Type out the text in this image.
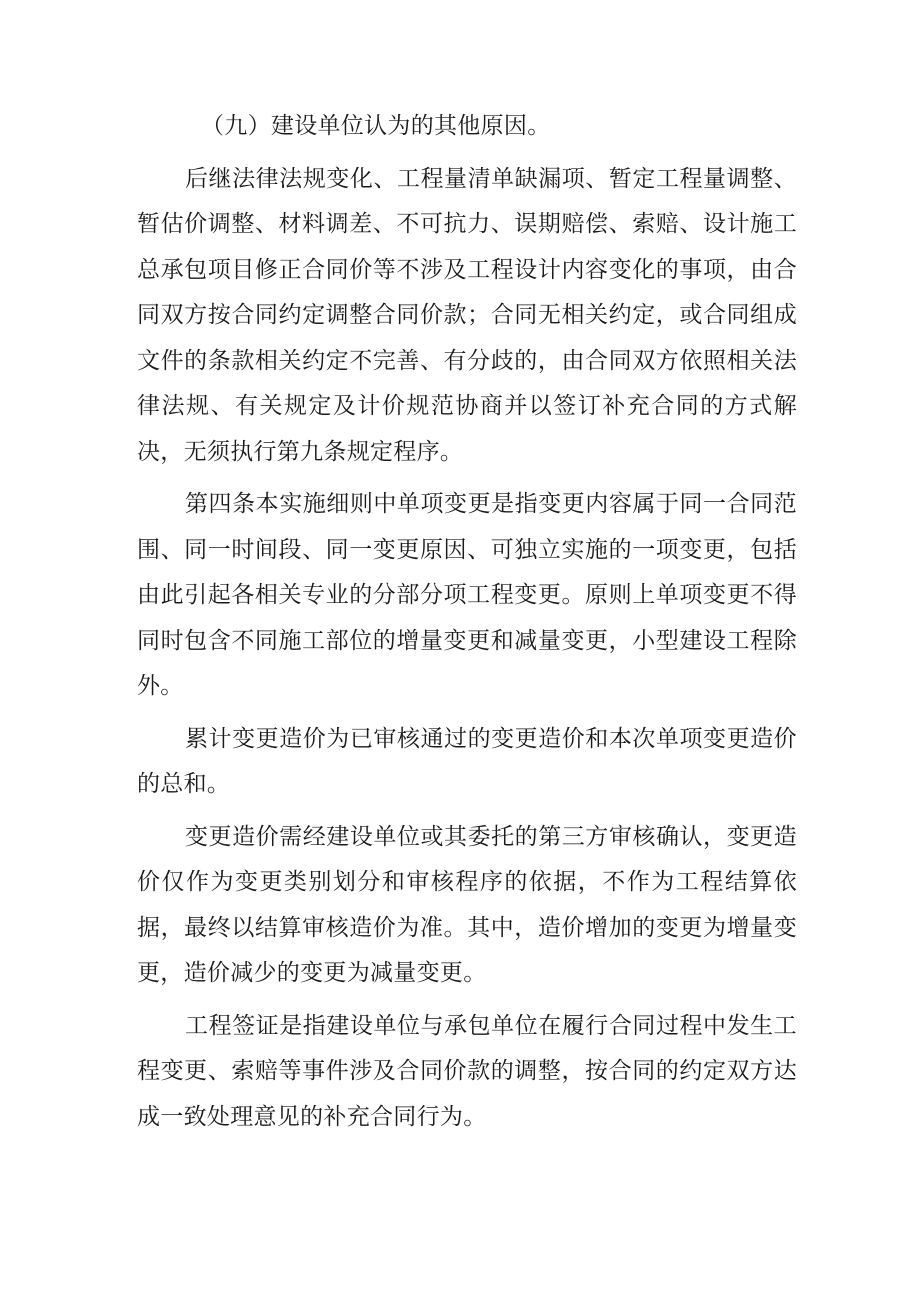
（九）建设单位认为的其他原因。

后继法律法规变化、工程量清单缺漏项、暂定工程量调整、暂估价调整、材料调差、不可抗力、误期赔偿、索赔、设计施工总承包项目修正合同价等不涉及工程设计内容变化的事项，由合同双方按合同约定调整合同价款；合同无相关约定，或合同组成文件的条款相关约定不完善、有分歧的，由合同双方依照相关法律法规、有关规定及计价规范协商并以签订补充合同的方式解决，无须执行第九条规定程序。

第四条本实施细则中单项变更是指变更内容属于同一合同范围、同一时间段、同一变更原因、可独立实施的一项变更，包括由此引起各相关专业的分部分项工程变更。原则上单项变更不得同时包含不同施工部位的增量变更和减量变更，小型建设工程除外。

累计变更造价为已审核通过的变更造价和本次单项变更造价的总和。

变更造价需经建设单位或其委托的第三方审核确认，变更造价仅作为变更类别划分和审核程序的依据，不作为工程结算依据，最终以结算审核造价为准。其中，造价增加的变更为增量变更，造价减少的变更为减量变更。

工程签证是指建设单位与承包单位在履行合同过程中发生工程变更、索赔等事件涉及合同价款的调整，按合同的约定双方达成一致处理意见的补充合同行为。
